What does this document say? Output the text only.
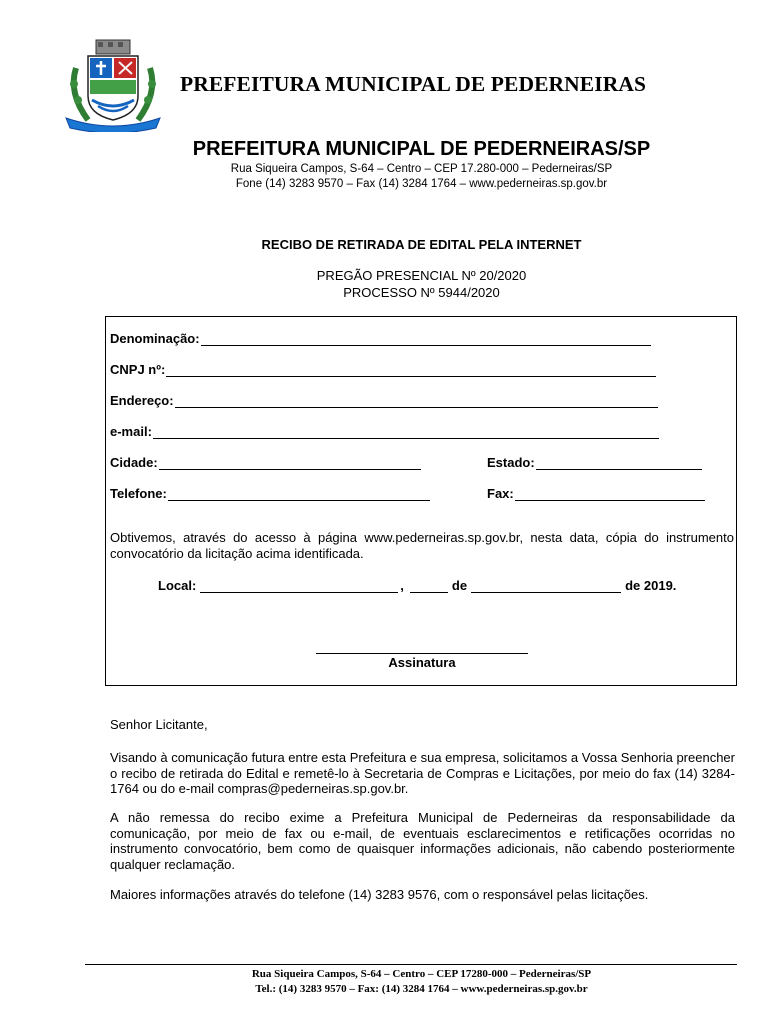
PREFEITURA MUNICIPAL DE PEDERNEIRAS
PREFEITURA MUNICIPAL DE PEDERNEIRAS/SP
Rua Siqueira Campos, S-64 – Centro – CEP 17.280-000 – Pederneiras/SP
Fone (14) 3283 9570 – Fax (14) 3284 1764 – www.pederneiras.sp.gov.br
RECIBO DE RETIRADA DE EDITAL PELA INTERNET
PREGÃO PRESENCIAL Nº 20/2020
PROCESSO Nº 5944/2020
Denominação:
CNPJ nº:
Endereço:
e-mail:
Cidade:	Estado:
Telefone:	Fax:
Obtivemos, através do acesso à página www.pederneiras.sp.gov.br, nesta data, cópia do instrumento convocatório da licitação acima identificada.
Local:	,	de	de 2019.
Assinatura
Senhor Licitante,
Visando à comunicação futura entre esta Prefeitura e sua empresa, solicitamos a Vossa Senhoria preencher o recibo de retirada do Edital e remetê-lo à Secretaria de Compras e Licitações, por meio do fax (14) 3284-1764 ou do e-mail compras@pederneiras.sp.gov.br.
A não remessa do recibo exime a Prefeitura Municipal de Pederneiras da responsabilidade da comunicação, por meio de fax ou e-mail, de eventuais esclarecimentos e retificações ocorridas no instrumento convocatório, bem como de quaisquer informações adicionais, não cabendo posteriormente qualquer reclamação.
Maiores informações através do telefone (14) 3283 9576, com o responsável pelas licitações.
Rua Siqueira Campos, S-64 – Centro – CEP 17280-000 – Pederneiras/SP
Tel.: (14) 3283 9570 – Fax: (14) 3284 1764 – www.pederneiras.sp.gov.br
